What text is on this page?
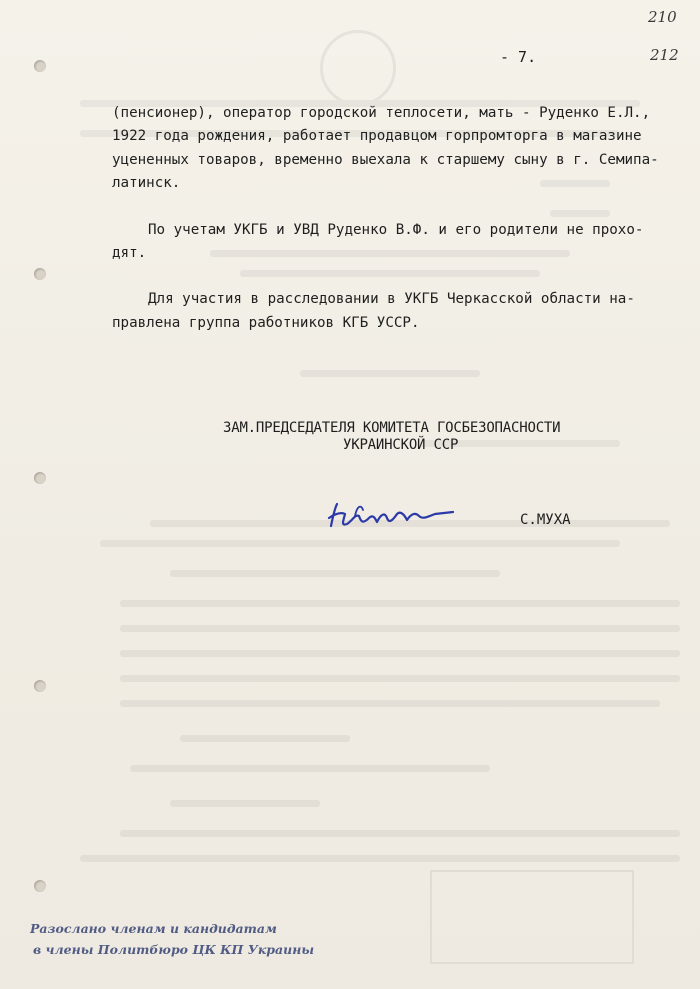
210
212
- 7.

(пенсионер), оператор городской теплосети, мать - Руденко Е.Л.,
1922 года рождения, работает продавцом горпромторга в магазине
уцененных товаров, временно выехала к старшему сыну в г. Семипа-
латинск.

По учетам УКГБ и УВД Руденко В.Ф. и его родители не прохо-
дят.

Для участия в расследовании в УКГБ Черкасской области на-
правлена группа работников КГБ УССР.

ЗАМ.ПРЕДСЕДАТЕЛЯ КОМИТЕТА ГОСБЕЗОПАСНОСТИ
УКРАИНСКОЙ ССР
С.МУХА
Разослано членам и кандидатам
в члены Политбюро ЦК КП Украины
